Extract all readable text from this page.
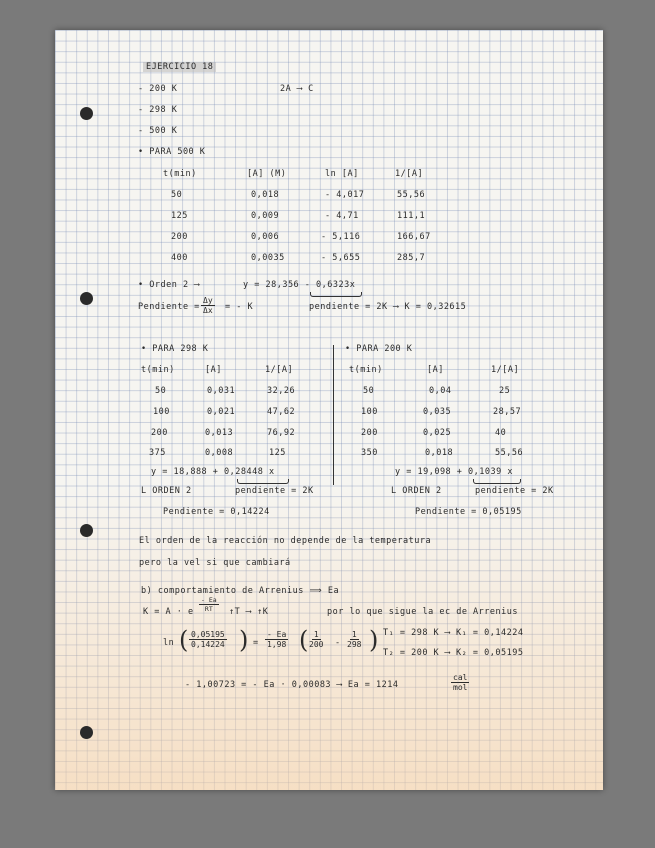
EJERCICIO 18
- 200 K
- 298 K
- 500 K
2A ⟶ C
• PARA 500 K
t(min)	[A] (M)	ln [A]	1/[A]
50	0,018	- 4,017	55,56
125	0,009	- 4,71	111,1
200	0,006	- 5,116	166,67
400	0,0035	- 5,655	285,7
• Orden 2 ⟶	y = 28,356 - 0,6323x
Pendiente = $\frac{\Delta y}{\Delta x}$ = - K	pendiente = 2K ⟶ K = 0,32615
• PARA 298 K
t(min)	[A]	1/[A]
50	0,031	32,26
100	0,021	47,62
200	0,013	76,92
375	0,008	125
y = 18,888 + 0,28448 x
L ORDEN 2	pendiente = 2K
Pendiente = 0,14224
• PARA 200 K
t(min)	[A]	1/[A]
50	0,04	25
100	0,035	28,57
200	0,025	40
350	0,018	55,56
y = 19,098 + 0,1039 x
L ORDEN 2	pendiente = 2K
Pendiente = 0,05195
El orden de la reacción no depende de la temperatura
pero la vel si que cambiará
b) comportamiento de Arrenius ⟹ Ea
K = A · e $\frac{- Ea}{RT}$ ↑T ⟶ ↑K	por lo que sigue la ec de Arrenius
ln ( $\frac{0,05195}{0,14224}$ ) = $\frac{- Ea}{1,98}$ ( $\frac{1}{200} - \frac{1}{298}$ ) T₁ = 298 K ⟶ K₁ = 0,14224
T₂ = 200 K ⟶ K₂ = 0,05195
- 1,00723 = - Ea · 0,00083 ⟶ Ea = 1214
cal
mol
